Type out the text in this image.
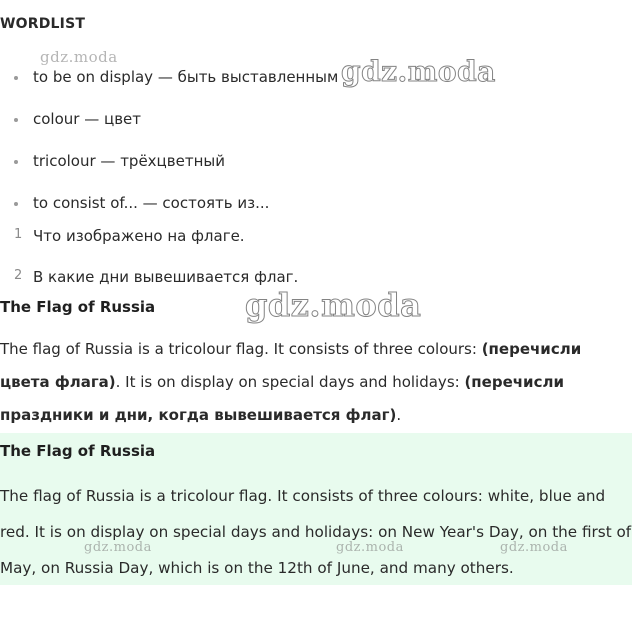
WORDLIST
to be on display — быть выставленным
colour — цвет
tricolour — трёхцветный
to consist of... — состоять из...
1 Что изображено на флаге.
2 В какие дни вывешивается флаг.
The Flag of Russia
The flag of Russia is a tricolour flag. It consists of three colours: (перечисли цвета флага). It is on display on special days and holidays: (перечисли праздники и дни, когда вывешивается флаг).
The Flag of Russia
The flag of Russia is a tricolour flag. It consists of three colours: white, blue and red. It is on display on special days and holidays: on New Year's Day, on the first of May, on Russia Day, which is on the 12th of June, and many others.
gdz.moda	gdz.moda
gdz.moda
gdz.moda	gdz.moda	gdz.moda
